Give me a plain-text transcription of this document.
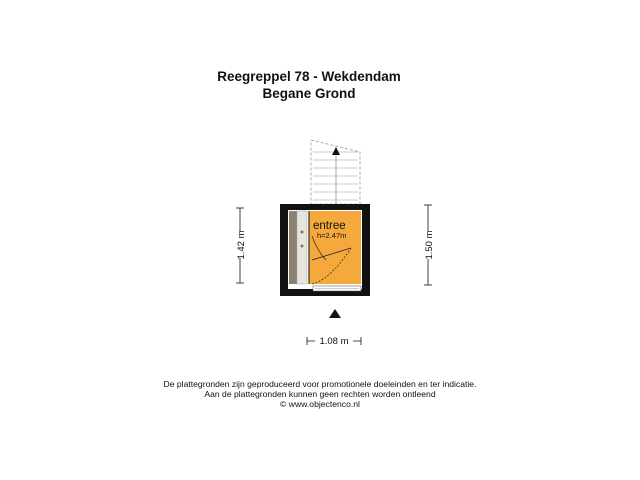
Reegreppel 78 - Wekdendam
Begane Grond
entree
h=2.47m
1.42 m	1.50 m
1.08 m
De plattegronden zijn geproduceerd voor promotionele doeleinden en ter indicatie.
Aan de plattegronden kunnen geen rechten worden ontleend
© www.objectenco.nl
